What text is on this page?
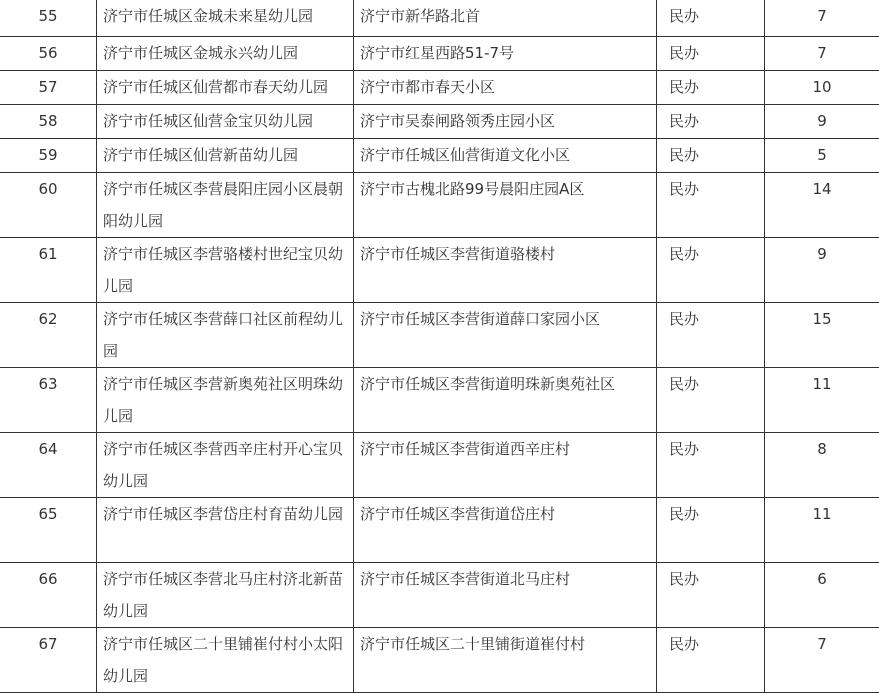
55	济宁市任城区金城未来星幼儿园	济宁市新华路北首	民办	7
56	济宁市任城区金城永兴幼儿园	济宁市红星西路51-7号	民办	7
57	济宁市任城区仙营都市春天幼儿园	济宁市都市春天小区	民办	10
58	济宁市任城区仙营金宝贝幼儿园	济宁市吴泰闸路领秀庄园小区	民办	9
59	济宁市任城区仙营新苗幼儿园	济宁市任城区仙营街道文化小区	民办	5
60	济宁市任城区李营晨阳庄园小区晨朝阳幼儿园	济宁市古槐北路99号晨阳庄园A区	民办	14
61	济宁市任城区李营骆楼村世纪宝贝幼儿园	济宁市任城区李营街道骆楼村	民办	9
62	济宁市任城区李营薛口社区前程幼儿园	济宁市任城区李营街道薛口家园小区	民办	15
63	济宁市任城区李营新奥苑社区明珠幼儿园	济宁市任城区李营街道明珠新奥苑社区	民办	11
64	济宁市任城区李营西辛庄村开心宝贝幼儿园	济宁市任城区李营街道西辛庄村	民办	8
65	济宁市任城区李营岱庄村育苗幼儿园	济宁市任城区李营街道岱庄村	民办	11
66	济宁市任城区李营北马庄村济北新苗幼儿园	济宁市任城区李营街道北马庄村	民办	6
67	济宁市任城区二十里铺崔付村小太阳幼儿园	济宁市任城区二十里铺街道崔付村	民办	7
